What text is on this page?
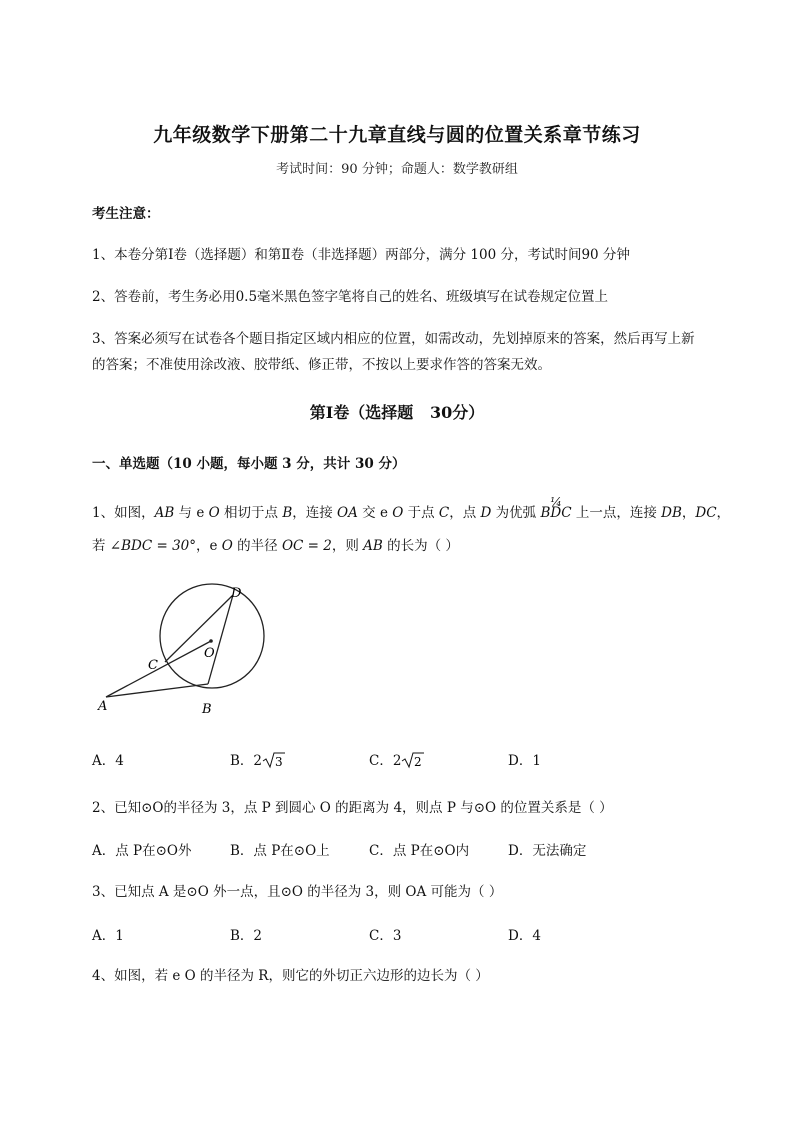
九年级数学下册第二十九章直线与圆的位置关系章节练习
考试时间：90 分钟；命题人：数学教研组
考生注意：
1、本卷分第Ⅰ卷（选择题）和第Ⅱ卷（非选择题）两部分，满分 100 分，考试时间90 分钟
2、答卷前，考生务必用0.5毫米黑色签字笔将自己的姓名、班级填写在试卷规定位置上
3、答案必须写在试卷各个题目指定区域内相应的位置，如需改动，先划掉原来的答案，然后再写上新
的答案；不准使用涂改液、胶带纸、修正带，不按以上要求作答的答案无效。
第Ⅰ卷（选择题   30分）
一、单选题（10 小题，每小题 3 分，共计 30 分）
1、如图，AB 与 e O 相切于点 B，连接 OA 交 e O 于点 C，点 D 为优弧
¼
BDC 上一点，连接 DB，DC，
若 ∠BDC = 30°，e O 的半径 OC = 2，则 AB 的长为（ ）
A	B
C
D
O
A．4	B．2 3	C．2 2	D．1
2、已知⊙O的半径为 3，点 P 到圆心 O 的距离为 4，则点 P 与⊙O 的位置关系是（ ）
A．点 P在⊙O外	B．点 P在⊙O上	C．点 P在⊙O内	D．无法确定
3、已知点 A 是⊙O 外一点，且⊙O 的半径为 3，则 OA 可能为（ ）
A．1	B．2	C．3	D．4
4、如图，若 e O 的半径为 R，则它的外切正六边形的边长为（ ）
